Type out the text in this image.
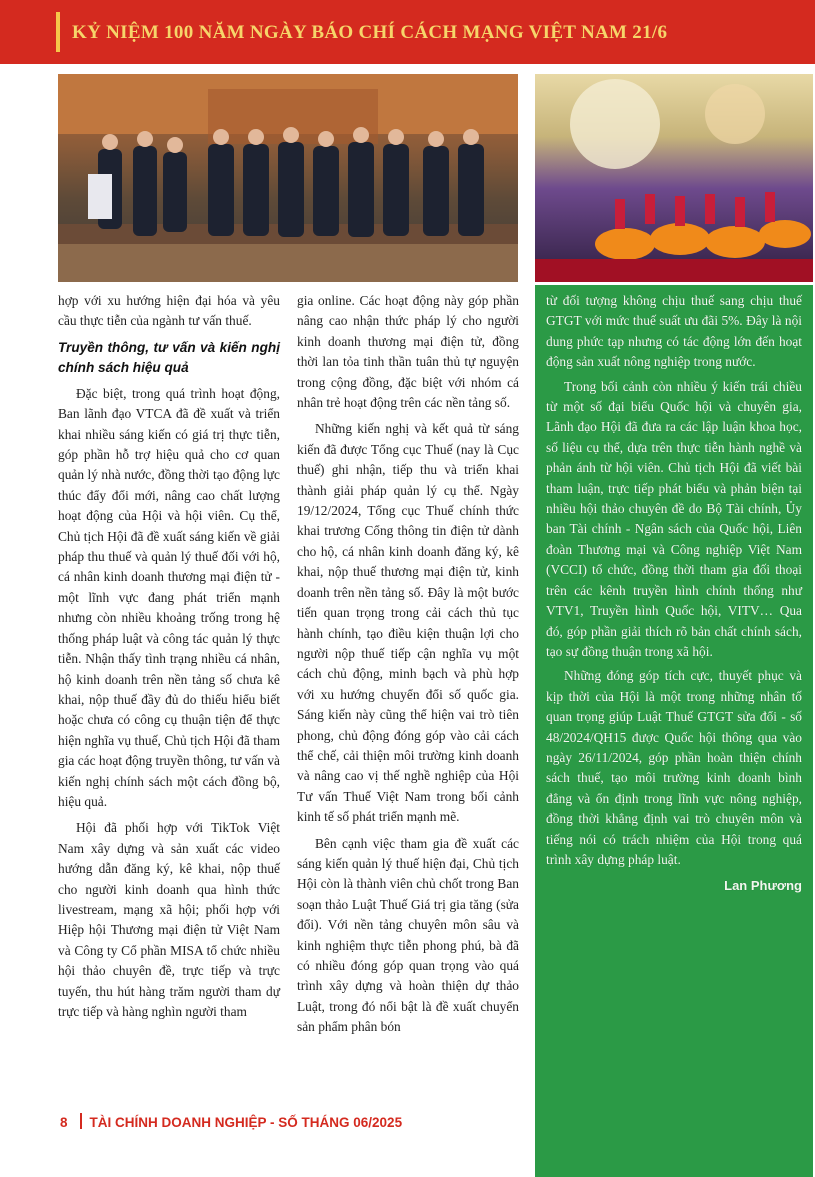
KỶ NIỆM 100 NĂM NGÀY BÁO CHÍ CÁCH MẠNG VIỆT NAM 21/6

hợp với xu hướng hiện đại hóa và yêu cầu thực tiễn của ngành tư vấn thuế.

Truyền thông, tư vấn và kiến nghị chính sách hiệu quả

Đặc biệt, trong quá trình hoạt động, Ban lãnh đạo VTCA đã đề xuất và triển khai nhiều sáng kiến có giá trị thực tiễn, góp phần hỗ trợ hiệu quả cho cơ quan quản lý nhà nước, đồng thời tạo động lực thúc đẩy đổi mới, nâng cao chất lượng hoạt động của Hội và hội viên. Cụ thể, Chủ tịch Hội đã đề xuất sáng kiến về giải pháp thu thuế và quản lý thuế đối với hộ, cá nhân kinh doanh thương mại điện tử - một lĩnh vực đang phát triển mạnh nhưng còn nhiều khoảng trống trong hệ thống pháp luật và công tác quản lý thực tiễn. Nhận thấy tình trạng nhiều cá nhân, hộ kinh doanh trên nền tảng số chưa kê khai, nộp thuế đầy đủ do thiếu hiểu biết hoặc chưa có công cụ thuận tiện để thực hiện nghĩa vụ thuế, Chủ tịch Hội đã tham gia các hoạt động truyền thông, tư vấn và kiến nghị chính sách một cách đồng bộ, hiệu quả.

Hội đã phối hợp với TikTok Việt Nam xây dựng và sản xuất các video hướng dẫn đăng ký, kê khai, nộp thuế cho người kinh doanh qua hình thức livestream, mạng xã hội; phối hợp với Hiệp hội Thương mại điện tử Việt Nam và Công ty Cổ phần MISA tổ chức nhiều hội thảo chuyên đề, trực tiếp và trực tuyến, thu hút hàng trăm người tham dự trực tiếp và hàng nghìn người tham

gia online. Các hoạt động này góp phần nâng cao nhận thức pháp lý cho người kinh doanh thương mại điện tử, đồng thời lan tỏa tinh thần tuân thủ tự nguyện trong cộng đồng, đặc biệt với nhóm cá nhân trẻ hoạt động trên các nền tảng số.

Những kiến nghị và kết quả từ sáng kiến đã được Tổng cục Thuế (nay là Cục thuế) ghi nhận, tiếp thu và triển khai thành giải pháp quản lý cụ thể. Ngày 19/12/2024, Tổng cục Thuế chính thức khai trương Cổng thông tin điện tử dành cho hộ, cá nhân kinh doanh đăng ký, kê khai, nộp thuế thương mại điện tử, kinh doanh trên nền tảng số. Đây là một bước tiến quan trọng trong cải cách thủ tục hành chính, tạo điều kiện thuận lợi cho người nộp thuế tiếp cận nghĩa vụ một cách chủ động, minh bạch và phù hợp với xu hướng chuyển đổi số quốc gia. Sáng kiến này cũng thể hiện vai trò tiên phong, chủ động đóng góp vào cải cách thể chế, cải thiện môi trường kinh doanh và nâng cao vị thế nghề nghiệp của Hội Tư vấn Thuế Việt Nam trong bối cảnh kinh tế số phát triển mạnh mẽ.

Bên cạnh việc tham gia đề xuất các sáng kiến quản lý thuế hiện đại, Chủ tịch Hội còn là thành viên chủ chốt trong Ban soạn thảo Luật Thuế Giá trị gia tăng (sửa đổi). Với nền tảng chuyên môn sâu và kinh nghiệm thực tiễn phong phú, bà đã có nhiều đóng góp quan trọng vào quá trình xây dựng và hoàn thiện dự thảo Luật, trong đó nổi bật là đề xuất chuyển sản phẩm phân bón

từ đối tượng không chịu thuế sang chịu thuế GTGT với mức thuế suất ưu đãi 5%. Đây là nội dung phức tạp nhưng có tác động lớn đến hoạt động sản xuất nông nghiệp trong nước.

Trong bối cảnh còn nhiều ý kiến trái chiều từ một số đại biểu Quốc hội và chuyên gia, Lãnh đạo Hội đã đưa ra các lập luận khoa học, số liệu cụ thể, dựa trên thực tiễn hành nghề và phản ánh từ hội viên. Chủ tịch Hội đã viết bài tham luận, trực tiếp phát biểu và phản biện tại nhiều hội thảo chuyên đề do Bộ Tài chính, Ủy ban Tài chính - Ngân sách của Quốc hội, Liên đoàn Thương mại và Công nghiệp Việt Nam (VCCI) tổ chức, đồng thời tham gia đối thoại trên các kênh truyền hình chính thống như VTV1, Truyền hình Quốc hội, VITV… Qua đó, góp phần giải thích rõ bản chất chính sách, tạo sự đồng thuận trong xã hội.

Những đóng góp tích cực, thuyết phục và kịp thời của Hội là một trong những nhân tố quan trọng giúp Luật Thuế GTGT sửa đổi - số 48/2024/QH15 được Quốc hội thông qua vào ngày 26/11/2024, góp phần hoàn thiện chính sách thuế, tạo môi trường kinh doanh bình đẳng và ổn định trong lĩnh vực nông nghiệp, đồng thời khẳng định vai trò chuyên môn và tiếng nói có trách nhiệm của Hội trong quá trình xây dựng pháp luật.

Lan Phương
8 TÀI CHÍNH DOANH NGHIỆP - SỐ THÁNG 06/2025
